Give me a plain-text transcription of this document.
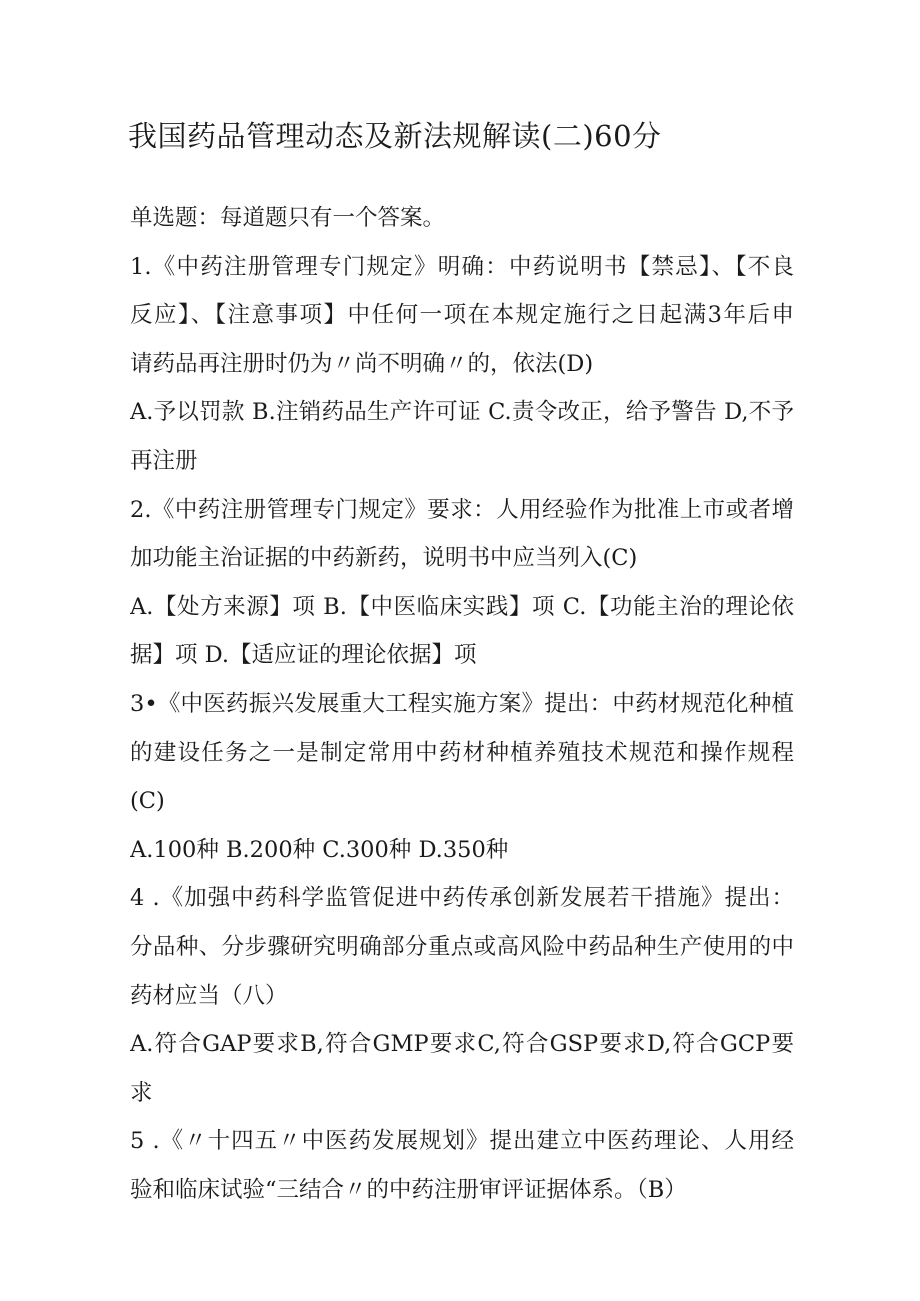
我国药品管理动态及新法规解读(二)60分
单选题：每道题只有一个答案。
1.《中药注册管理专门规定》明确：中药说明书【禁忌】、【不良
反应】、【注意事项】中任何一项在本规定施行之日起满3年后申
请药品再注册时仍为〃尚不明确〃的，依法(D)
A.予以罚款 B.注销药品生产许可证 C.责令改正，给予警告 D,不予
再注册
2.《中药注册管理专门规定》要求：人用经验作为批准上市或者增
加功能主治证据的中药新药，说明书中应当列入(C)
A.【处方来源】项 B.【中医临床实践】项 C.【功能主治的理论依
据】项 D.【适应证的理论依据】项
3•《中医药振兴发展重大工程实施方案》提出：中药材规范化种植
的建设任务之一是制定常用中药材种植养殖技术规范和操作规程
(C)
A.100种 B.200种 C.300种 D.350种
4 .《加强中药科学监管促进中药传承创新发展若干措施》提出：
分品种、分步骤研究明确部分重点或高风险中药品种生产使用的中
药材应当（八）
A.符合GAP要求B,符合GMP要求C,符合GSP要求D,符合GCP要
求
5 .《〃十四五〃中医药发展规划》提出建立中医药理论、人用经
验和临床试验“三结合〃的中药注册审评证据体系。（B）
